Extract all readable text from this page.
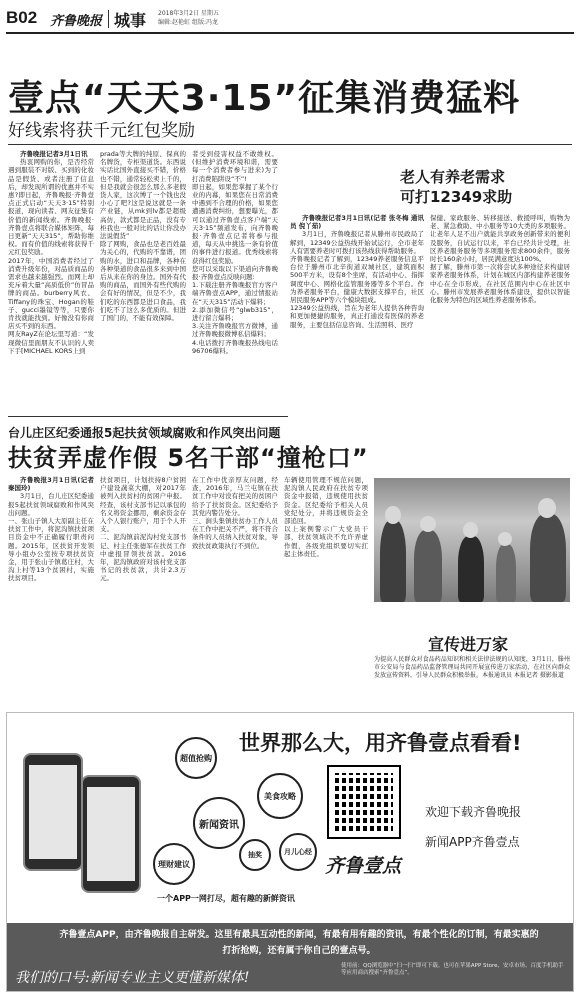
B02 齐鲁晚报 城事 2018年3月2日 星期五
编辑:赵艳虹 组版:冯龙
壹点“天天3·15”征集消费猛料
好线索将获千元红包奖励

齐鲁晚报记者3月1日讯

热衷网购的你，是否经常遇到服装不对版、买到的化妆品是假货、或者注册了信息后，却发现所谓的优惠并不实惠?即日起，齐鲁晚报·齐鲁壹点正式启动“天天3·15”特别报道，现向读者、网友征集有价值的新闻线索。齐鲁晚报·齐鲁壹点将联合媒体矩阵，每日更新“天天315”，帮助你维权。而有价值的线索将获得千元红包奖励。
2017年，中国消费者经过了消费升级年份，对品质商品的需求也越来越强烈。而网上却充斥着大量“高质低价”仿冒品牌的商品。burberry风衣、Tiffany的珠宝、Hogan的鞋子、gucci墨镜等等，只要你肯找就能找到。好像没有你商店买不到的东西。
网友RayZ在论坛里写道：“发现微信里面朋友不认识的人卖下手[MICHAEL KORS上到

prada等大牌的纯原、保真的名牌货，专柜渠道货。东西说实话比国外直接买不错，价格也不错，通常轻松卖上千的，但是我就会很怎么那么多老假货人家，这次博了一个钱也没小心了吧?这是说这就是一条产业链，从mk到lv都是超级高仿，款式都是正品，没有专柜我也一般对比的话让你没办法说假货”
除了网购，食品也是老百姓最为关心的，代购的不靠谱，团购的水，进口和品牌，各种在各种渠道的食品很多来到中国后从来在你的身边。国外有代购的商品，而国外有些代购的会有好的情况，但是不少，我们吃的东西都是进口食品，我们吃不了这么多优质的。但进了国门的，不能有效保障。
者受到侵害权益不敢维权。(但维护消费环境和谐，需要每一个消费者参与进来)为了打消费陷阱设“不”!
即日起，如果您掌握了某个行业的内幕，如果您在日常消费中遇到不合理的价格，如果您遭遇消费纠纷，想要曝光，都可以通过齐鲁壹点客户端“天天3·15”频道发布，向齐鲁晚报·齐鲁壹点记者将参与报道，每天从中挑选一条有价值的事件进行报道。优秀线索将获得红包奖励。
您可以采取以下渠道向齐鲁晚报·齐鲁壹点反映问题:
1.下载注册齐鲁晚报官方客户端齐鲁壹点APP，通过情报站在“天天315”活动下爆料；
2.添加微信号“glwb315”，进行留言爆料；
3.关注齐鲁晚报官方微博，通过齐鲁晚报微博私信爆料；
4.电话拨打齐鲁晚报热线电话96706爆料。
老人有养老需求
可打12349求助

齐鲁晚报记者3月1日讯(记者 张冬梅 通讯员 倪丫茹)

3月1日，齐鲁晚报记者从滕州市民政局了解到，12349公益热线开始试运行，全市老年人有需要养老时可拨打该热线获得帮助服务。
齐鲁晚报记者了解到，12349养老服务信息平台位于滕州市北辛街道双城社区，建筑面积500平方米，设有8个坐席，有活动中心、指挥调度中心、网格化监管服务器等多个平台。作为养老服务平台，健康大数据支撑平台，社区居民服务APP等六个模块组成。
12349公益热线，旨在为老年人提供各种咨询和更加便捷的服务，真正打通没有医保的养老服务，主要包括信息咨询、生活照料、医疗

保健、家政服务、转移接送、救援呼叫，购物为老、紧急救助、中小服务等10大类的多项服务。让老年人足不出户就能共享政务创新带来的便利及服务，自试运行以来，平台已经共计受理，社区养老服务服务等多项服务需求800余件，服务时长160余小时，居民满意度达100%。
据了解，滕州市第一次将尝试多种途径来构建居家养老服务体系，计划在城区内部构建养老服务中心在全市形成，在社区范围内中心在社区中心。滕州市发展养老服务体系建设，提供以智能化服务为特色的区域性养老服务体系。
台儿庄区纪委通报5起扶贫领域腐败和作风突出问题
扶贫弄虚作假 5名干部“撞枪口”

齐鲁晚报3月1日讯(记者 秦国玲)

3月1日，台儿庄区纪委通报5起扶贫领域腐败和作风突出问题。
一、张山子镇人大原副主任在扶贫工作中，将泥沟镇扶贫项目资金中不正确履行职责问题。2015年，区扶贫开发领导小组办公室按专项扶贫资金，用于张山子镇葛庄村，大沟上村等13个贫困村，实施扶贫项目。

扶贫项目，计划扶持8户贫困户建设蔬菜大棚，对2017年被列入扶贫村的贫困户申报。经查，该村支部书记以承包的名义将资金挪用，剩余资金存入个人银行账户，用于个人开支。
二、泥沟镇前泥沟村党支部书记、村主任张德军在扶贫工作中虚报冒领扶贫款。2016年，泥沟镇政府对该村党支部书记的扶贫款，共计2.3万元。
在工作中优亲厚友问题，经查，2016年，马兰屯镇在扶贫工作中对没有把关的贫困户给予了扶贫资金。区纪委给予其党内警告处分。
三、涧头集镇扶贫办工作人员在工作中把关不严，将不符合条件的人员纳入扶贫对象，导致扶贫政策执行不到位。
车辆使用管理不规范问题，泥沟镇人民政府在扶贫专项资金中报销，违规使用扶贫资金。区纪委给予相关人员党纪处分，并将违规资金全部追回。
以上案例警示广大党员干部，扶贫领域决不允许弄虚作假，各级党组织要切实扛起主体责任。
宣传进万家
为提高人民群众对食品药品知识和相关法律法规的认知度，3月1日，滕州市公安局与食品药品监督管理局共同开展宣传进万家活动，在社区向群众发放宣传资料，引导人民群众积极举报。本报通讯员 本报记者 摄影报道
超值抢购
新闻资讯
美食攻略
理财建议
抽奖	月儿心经
一个APP一网打尽，超有趣的新鲜资讯
世界那么大，用齐鲁壹点看看!
齐鲁壹点
欢迎下载齐鲁晚报
新闻APP齐鲁壹点
齐鲁壹点APP，由齐鲁晚报自主研发。这里有最具互动性的新闻，有最有用有趣的资讯，有最个性化的订制，有最实惠的打折抢购，还有属于你自己的壹点号。
我们的口号:新闻专业主义更懂新媒体!
使用前：QQ浏览器中“扫一扫”即可下载。也可在苹果APP Store、安卓市场、百度手机助手等应用商店搜索“齐鲁壹点”。
